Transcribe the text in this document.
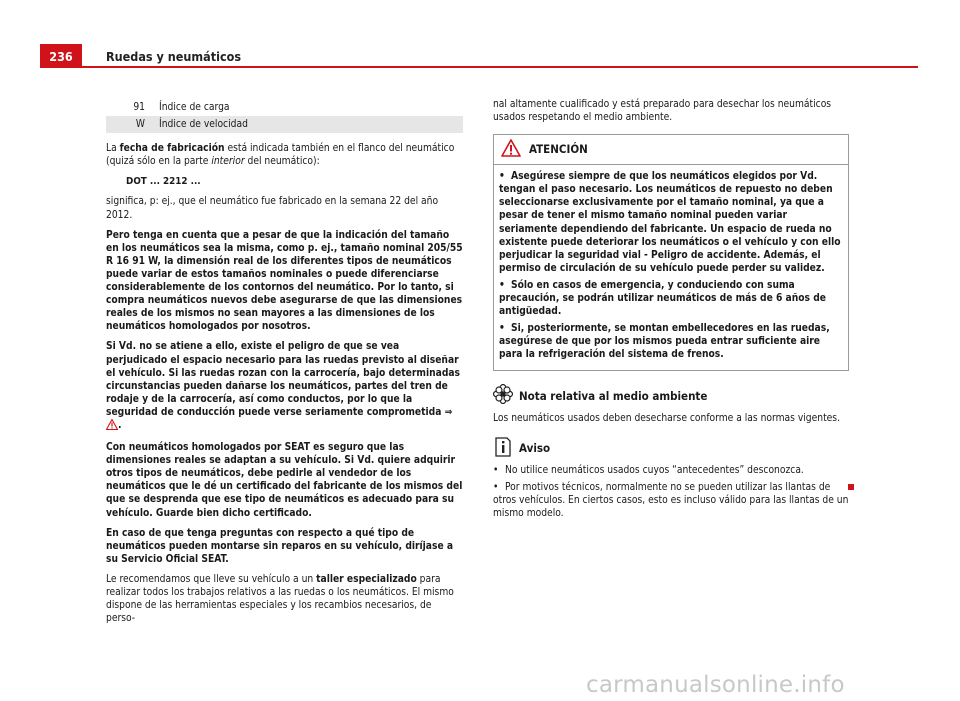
236	Ruedas y neumáticos
91	Índice de carga
W	Índice de velocidad

La fecha de fabricación está indicada también en el flanco del neumático (quizá sólo en la parte interior del neumático):

DOT ... 2212 ...

significa, p: ej., que el neumático fue fabricado en la semana 22 del año 2012.

Pero tenga en cuenta que a pesar de que la indicación del tamaño en los neumáticos sea la misma, como p. ej., tamaño nominal 205/55 R 16 91 W, la dimensión real de los diferentes tipos de neumáticos puede variar de estos tamaños nominales o puede diferenciarse considerablemente de los contornos del neumático. Por lo tanto, si compra neumáticos nuevos debe asegurarse de que las dimensiones reales de los mismos no sean mayores a las dimensiones de los neumáticos homologados por nosotros.

Si Vd. no se atiene a ello, existe el peligro de que se vea perjudicado el espacio necesario para las ruedas previsto al diseñar el vehículo. Si las ruedas rozan con la carrocería, bajo determinadas circunstancias pueden dañarse los neumáticos, partes del tren de rodaje y de la carrocería, así como conductos, por lo que la seguridad de conducción puede verse seriamente comprometida ⇒ .

Con neumáticos homologados por SEAT es seguro que las dimensiones reales se adaptan a su vehículo. Si Vd. quiere adquirir otros tipos de neumáticos, debe pedirle al vendedor de los neumáticos que le dé un certificado del fabricante de los mismos del que se desprenda que ese tipo de neumáticos es adecuado para su vehículo. Guarde bien dicho certificado.

En caso de que tenga preguntas con respecto a qué tipo de neumáticos pueden montarse sin reparos en su vehículo, diríjase a su Servicio Oficial SEAT.

Le recomendamos que lleve su vehículo a un taller especializado para realizar todos los trabajos relativos a las ruedas o los neumáticos. El mismo dispone de las herramientas especiales y los recambios necesarios, de perso-

nal altamente cualificado y está preparado para desechar los neumáticos usados respetando el medio ambiente.

ATENCIÓN

• Asegúrese siempre de que los neumáticos elegidos por Vd. tengan el paso necesario. Los neumáticos de repuesto no deben seleccionarse exclusivamente por el tamaño nominal, ya que a pesar de tener el mismo tamaño nominal pueden variar seriamente dependiendo del fabricante. Un espacio de rueda no existente puede deteriorar los neumáticos o el vehículo y con ello perjudicar la seguridad vial - Peligro de accidente. Además, el permiso de circulación de su vehículo puede perder su validez.

• Sólo en casos de emergencia, y conduciendo con suma precaución, se podrán utilizar neumáticos de más de 6 años de antigüedad.

• Si, posteriormente, se montan embellecedores en las ruedas, asegúrese de que por los mismos pueda entrar suficiente aire para la refrigeración del sistema de frenos.

Nota relativa al medio ambiente

Los neumáticos usados deben desecharse conforme a las normas vigentes.

Aviso

• No utilice neumáticos usados cuyos “antecedentes” desconozca.

• Por motivos técnicos, normalmente no se pueden utilizar las llantas de otros vehículos. En ciertos casos, esto es incluso válido para las llantas de un mismo modelo.

carmanualsonline.info
